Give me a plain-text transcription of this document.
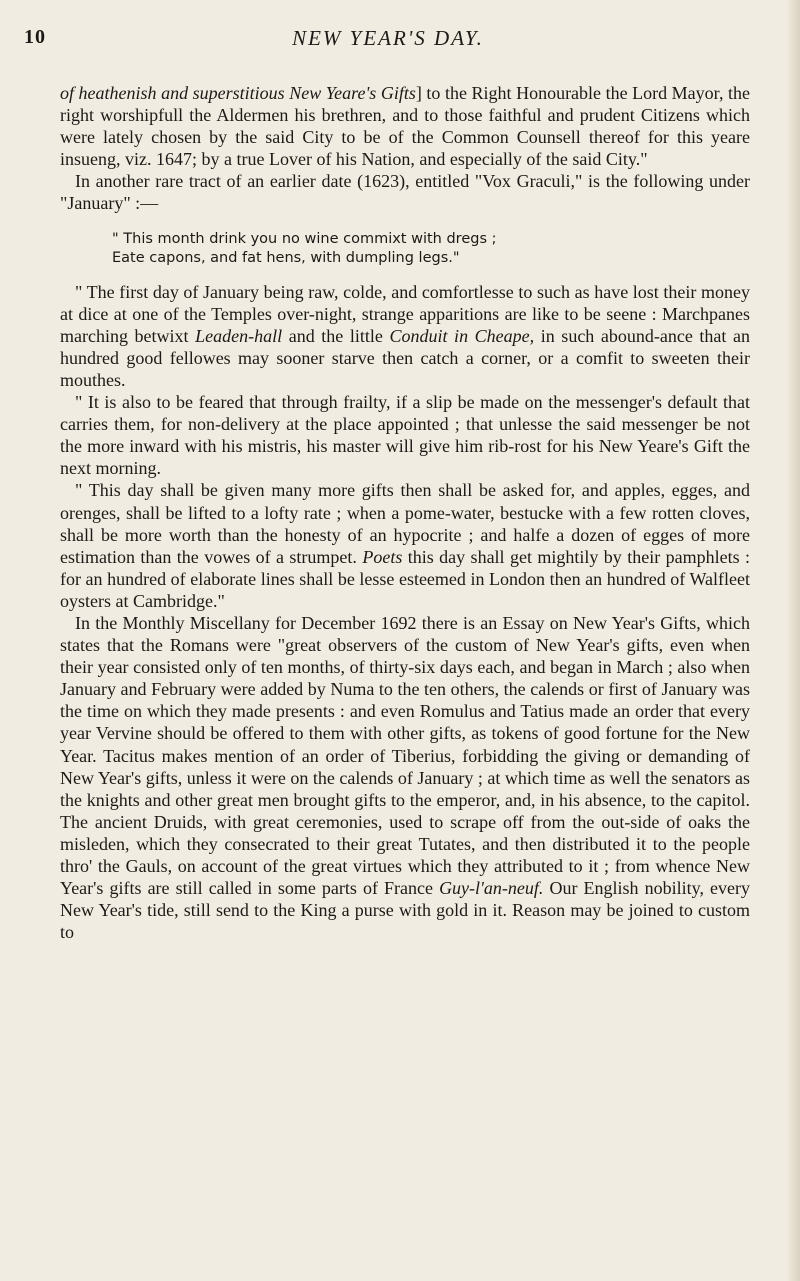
10	NEW YEAR'S DAY.

of heathenish and superstitious New Yeare's Gifts] to the Right Honourable the Lord Mayor, the right worshipfull the Aldermen his brethren, and to those faithful and prudent Citizens which were lately chosen by the said City to be of the Common Counsell thereof for this yeare insueng, viz. 1647; by a true Lover of his Nation, and especially of the said City."

In another rare tract of an earlier date (1623), entitled "Vox Graculi," is the following under "January" :—

" This month drink you no wine commixt with dregs ;
Eate capons, and fat hens, with dumpling legs."

" The first day of January being raw, colde, and comfortlesse to such as have lost their money at dice at one of the Temples over-night, strange apparitions are like to be seene : Marchpanes marching betwixt Leaden-hall and the little Conduit in Cheape, in such abound-ance that an hundred good fellowes may sooner starve then catch a corner, or a comfit to sweeten their mouthes.

" It is also to be feared that through frailty, if a slip be made on the messenger's default that carries them, for non-delivery at the place appointed ; that unlesse the said messenger be not the more inward with his mistris, his master will give him rib-rost for his New Yeare's Gift the next morning.

" This day shall be given many more gifts then shall be asked for, and apples, egges, and orenges, shall be lifted to a lofty rate ; when a pome-water, bestucke with a few rotten cloves, shall be more worth than the honesty of an hypocrite ; and halfe a dozen of egges of more estimation than the vowes of a strumpet. Poets this day shall get mightily by their pamphlets : for an hundred of elaborate lines shall be lesse esteemed in London then an hundred of Walfleet oysters at Cambridge."

In the Monthly Miscellany for December 1692 there is an Essay on New Year's Gifts, which states that the Romans were "great observers of the custom of New Year's gifts, even when their year consisted only of ten months, of thirty-six days each, and began in March ; also when January and February were added by Numa to the ten others, the calends or first of January was the time on which they made presents : and even Romulus and Tatius made an order that every year Vervine should be offered to them with other gifts, as tokens of good fortune for the New Year. Tacitus makes mention of an order of Tiberius, forbidding the giving or demanding of New Year's gifts, unless it were on the calends of January ; at which time as well the senators as the knights and other great men brought gifts to the emperor, and, in his absence, to the capitol. The ancient Druids, with great ceremonies, used to scrape off from the out-side of oaks the misleden, which they consecrated to their great Tutates, and then distributed it to the people thro' the Gauls, on account of the great virtues which they attributed to it ; from whence New Year's gifts are still called in some parts of France Guy-l'an-neuf. Our English nobility, every New Year's tide, still send to the King a purse with gold in it. Reason may be joined to custom to
